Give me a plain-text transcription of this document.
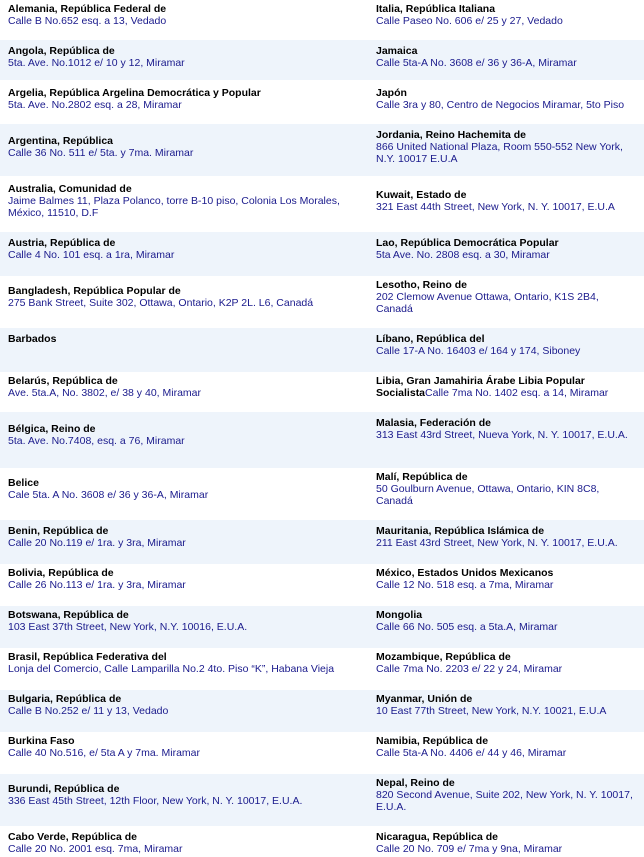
Alemania, República Federal de
Calle B No.652 esq. a 13, Vedado
Italia, República Italiana
Calle Paseo No. 606 e/ 25 y 27, Vedado
Angola, República de
5ta. Ave. No.1012 e/ 10 y 12, Miramar
Jamaica
Calle 5ta-A No. 3608 e/ 36 y 36-A, Miramar
Argelia, República Argelina Democrática y Popular
5ta. Ave. No.2802 esq. a 28, Miramar
Japón
Calle 3ra y 80, Centro de Negocios Miramar, 5to Piso
Argentina, República
Calle 36 No. 511 e/ 5ta. y 7ma. Miramar
Jordania, Reino Hachemita de
866 United National Plaza, Room 550-552 New York, N.Y. 10017 E.U.A
Australia, Comunidad de
Jaime Balmes 11, Plaza Polanco, torre B-10 piso, Colonia Los Morales, México, 11510, D.F
Kuwait, Estado de
321 East 44th Street, New York, N. Y. 10017, E.U.A
Austria, República de
Calle 4 No. 101 esq. a 1ra, Miramar
Lao, República Democrática Popular
5ta Ave. No. 2808 esq. a 30, Miramar
Bangladesh, República Popular de
275 Bank Street, Suite 302, Ottawa, Ontario, K2P 2L. L6, Canadá
Lesotho, Reino de
202 Clemow Avenue Ottawa, Ontario, K1S 2B4, Canadá
Barbados	Líbano, República del
Calle 17-A No. 16403 e/ 164 y 174, Siboney
Belarús, República de
Ave. 5ta.A, No. 3802, e/ 38 y 40, Miramar
Libia, Gran Jamahiria Árabe Libia Popular
SocialistaCalle 7ma No. 1402 esq. a 14, Miramar
Bélgica, Reino de
5ta. Ave. No.7408, esq. a 76, Miramar
Malasia, Federación de
313 East 43rd Street, Nueva York, N. Y. 10017, E.U.A.
Belice
Cale 5ta. A No. 3608 e/ 36 y 36-A, Miramar
Malí, República de
50 Goulburn Avenue, Ottawa, Ontario, KIN 8C8, Canadá
Benin, República de
Calle 20 No.119 e/ 1ra. y 3ra, Miramar
Mauritania, República Islámica de
211 East 43rd Street, New York, N. Y. 10017, E.U.A.
Bolivia, República de
Calle 26 No.113 e/ 1ra. y 3ra, Miramar
México, Estados Unidos Mexicanos
Calle 12 No. 518 esq. a 7ma, Miramar
Botswana, República de
103 East 37th Street, New York, N.Y. 10016, E.U.A.
Mongolia
Calle 66 No. 505 esq. a 5ta.A, Miramar
Brasil, República Federativa del
Lonja del Comercio, Calle Lamparilla No.2 4to. Piso “K”, Habana Vieja
Mozambique, República de
Calle 7ma No. 2203 e/ 22 y 24, Miramar
Bulgaria, República de
Calle B No.252 e/ 11 y 13, Vedado
Myanmar, Unión de
10 East 77th Street, New York, N.Y. 10021, E.U.A
Burkina Faso
Calle 40 No.516, e/ 5ta A y 7ma. Miramar
Namibia, República de
Calle 5ta-A No. 4406 e/ 44 y 46, Miramar
Burundi, República de
336 East 45th Street, 12th Floor, New York, N. Y. 10017, E.U.A.
Nepal, Reino de
820 Second Avenue, Suite 202, New York, N. Y. 10017, E.U.A.
Cabo Verde, República de
Calle 20 No. 2001 esq. 7ma, Miramar
Nicaragua, República de
Calle 20 No. 709 e/ 7ma y 9na, Miramar
